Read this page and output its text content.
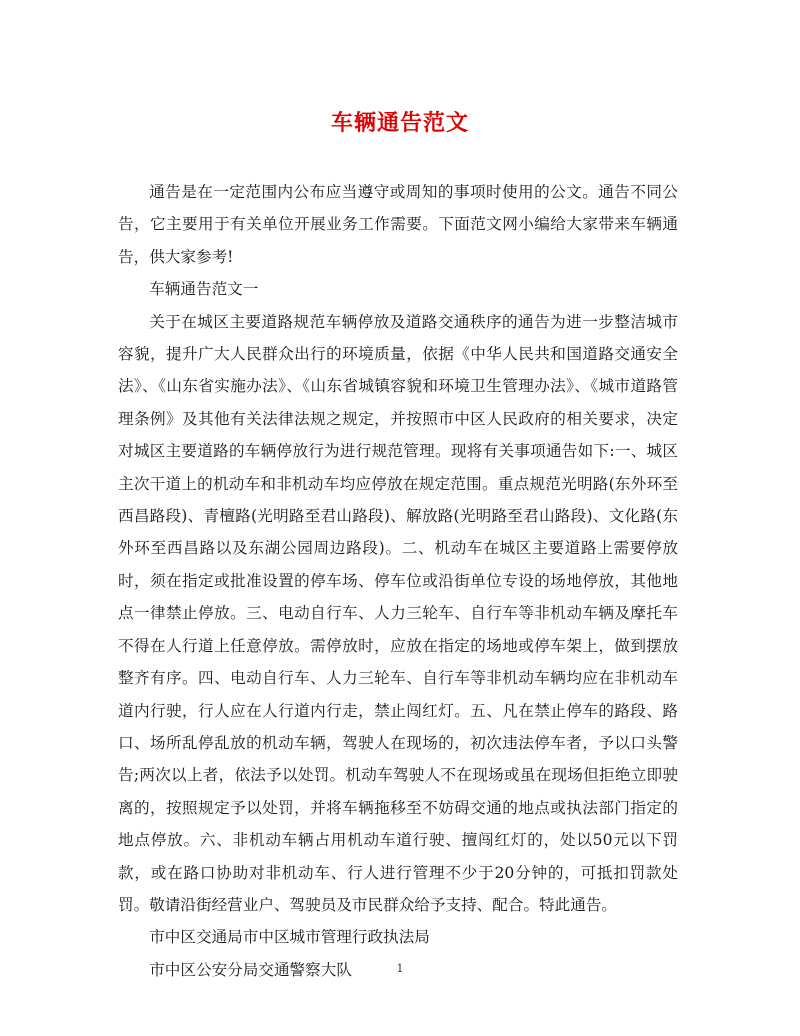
车辆通告范文

通告是在一定范围内公布应当遵守或周知的事项时使用的公文。通告不同公告，它主要用于有关单位开展业务工作需要。下面范文网小编给大家带来车辆通告，供大家参考!

车辆通告范文一

关于在城区主要道路规范车辆停放及道路交通秩序的通告为进一步整洁城市容貌，提升广大人民群众出行的环境质量，依据《中华人民共和国道路交通安全法》、《山东省实施办法》、《山东省城镇容貌和环境卫生管理办法》、《城市道路管理条例》及其他有关法律法规之规定，并按照市中区人民政府的相关要求，决定对城区主要道路的车辆停放行为进行规范管理。现将有关事项通告如下:一、城区主次干道上的机动车和非机动车均应停放在规定范围。重点规范光明路(东外环至西昌路段)、青檀路(光明路至君山路段)、解放路(光明路至君山路段)、文化路(东外环至西昌路以及东湖公园周边路段)。二、机动车在城区主要道路上需要停放时，须在指定或批准设置的停车场、停车位或沿街单位专设的场地停放，其他地点一律禁止停放。三、电动自行车、人力三轮车、自行车等非机动车辆及摩托车不得在人行道上任意停放。需停放时，应放在指定的场地或停车架上，做到摆放整齐有序。四、电动自行车、人力三轮车、自行车等非机动车辆均应在非机动车道内行驶，行人应在人行道内行走，禁止闯红灯。五、凡在禁止停车的路段、路口、场所乱停乱放的机动车辆，驾驶人在现场的，初次违法停车者，予以口头警告;两次以上者，依法予以处罚。机动车驾驶人不在现场或虽在现场但拒绝立即驶离的，按照规定予以处罚，并将车辆拖移至不妨碍交通的地点或执法部门指定的地点停放。六、非机动车辆占用机动车道行驶、擅闯红灯的，处以50元以下罚款，或在路口协助对非机动车、行人进行管理不少于20分钟的，可抵扣罚款处罚。敬请沿街经营业户、驾驶员及市民群众给予支持、配合。特此通告。

市中区交通局市中区城市管理行政执法局

市中区公安分局交通警察大队	1
